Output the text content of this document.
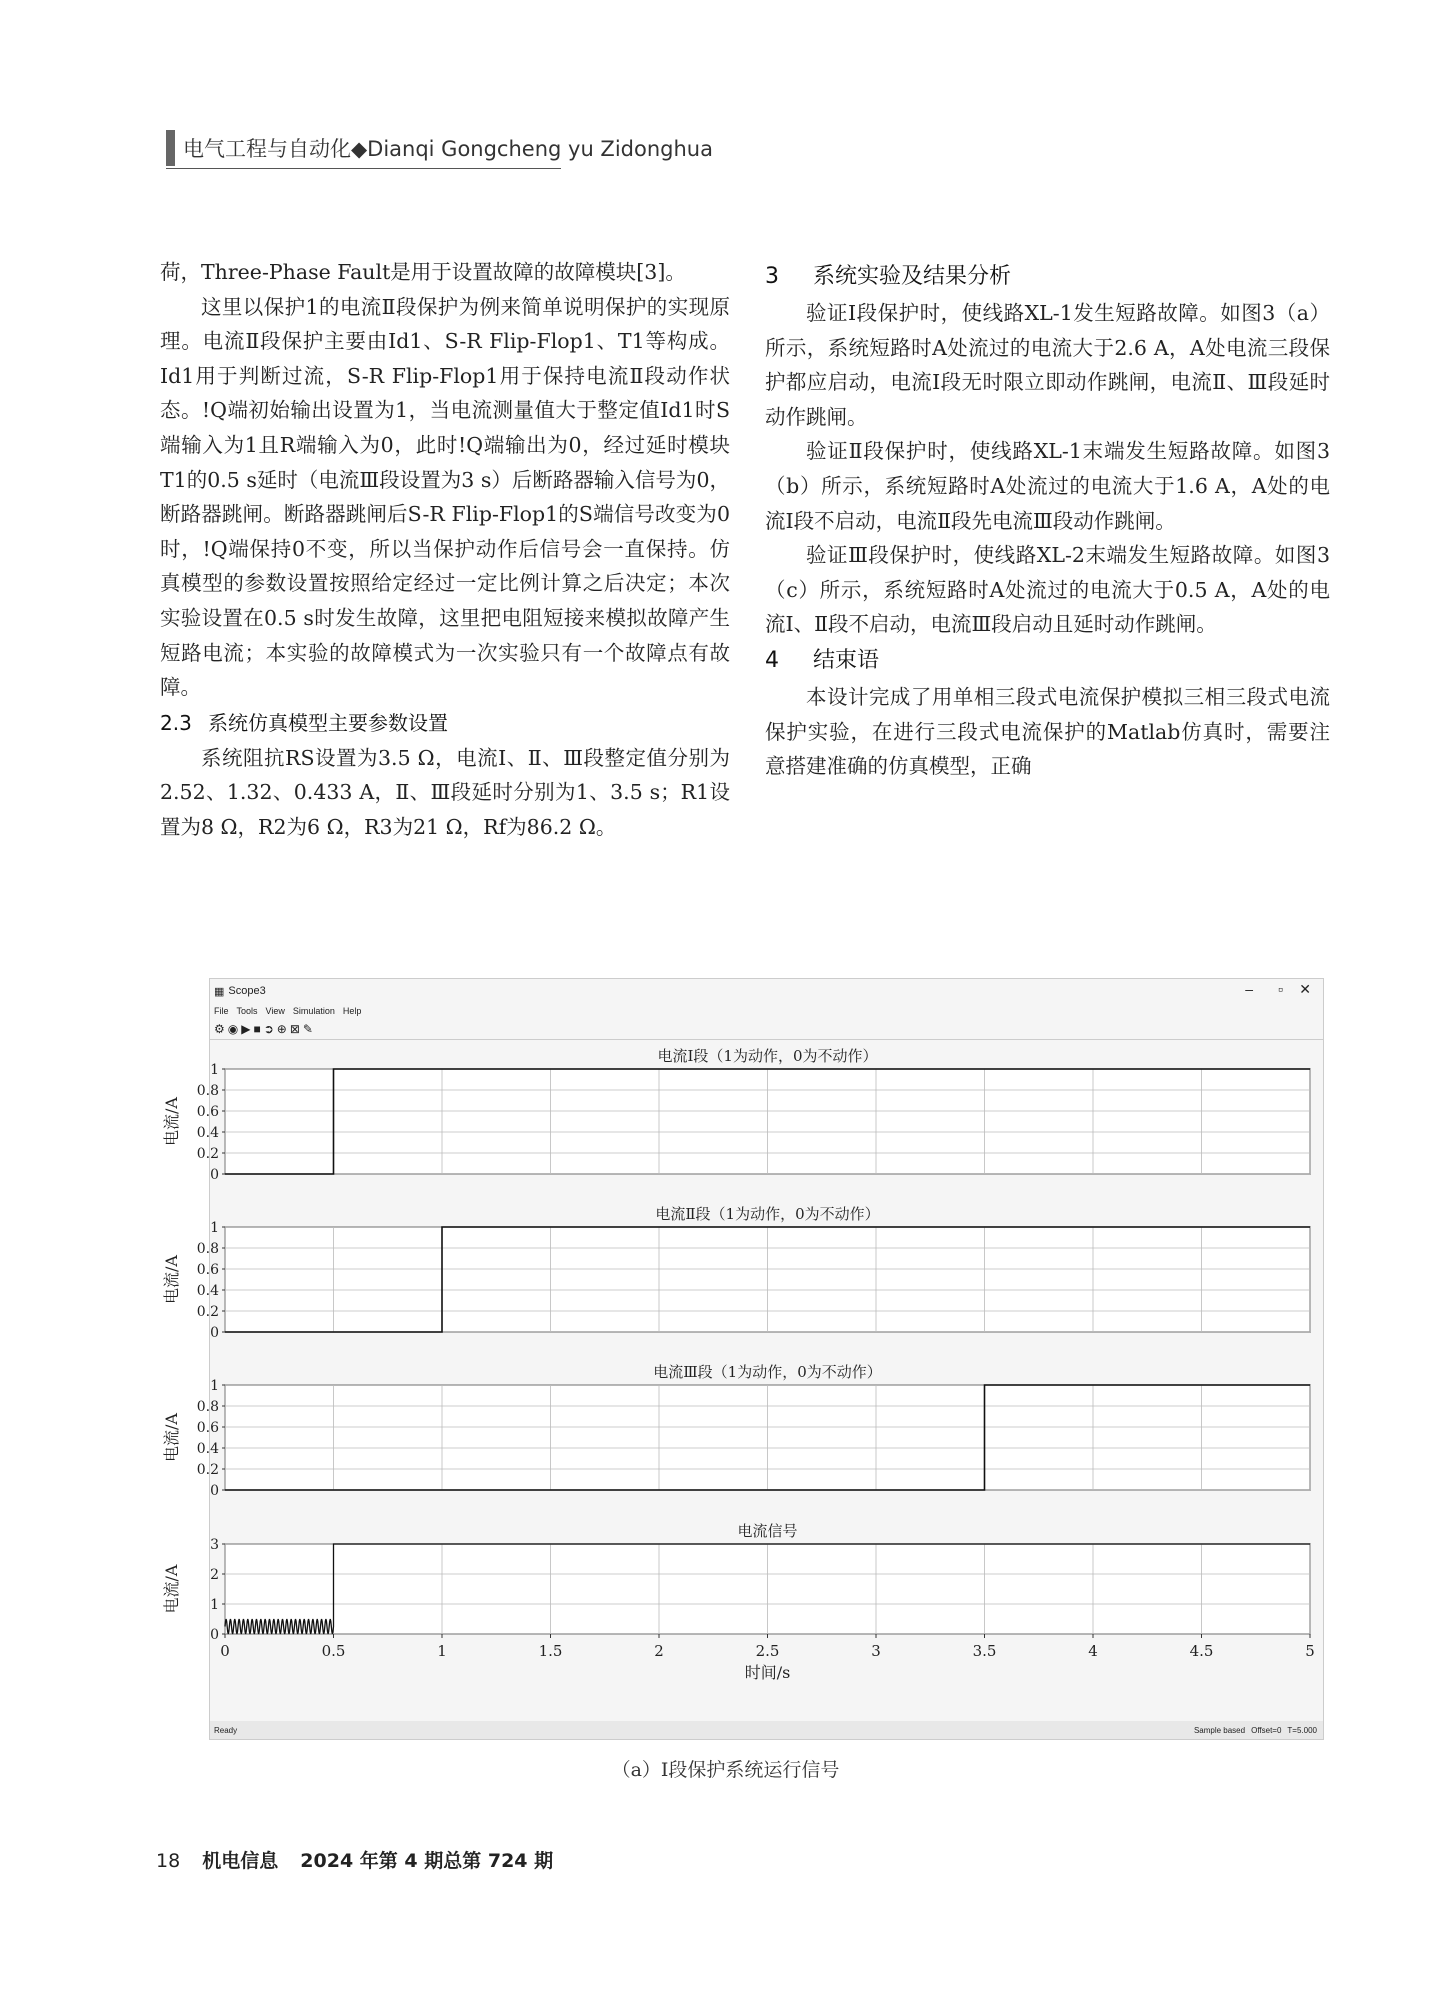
电气工程与自动化◆Dianqi Gongcheng yu Zidonghua

荷，Three-Phase Fault是用于设置故障的故障模块[3]。

这里以保护1的电流Ⅱ段保护为例来简单说明保护的实现原理。电流Ⅱ段保护主要由Id1、S-R Flip-Flop1、T1等构成。Id1用于判断过流，S-R Flip-Flop1用于保持电流Ⅱ段动作状态。!Q端初始输出设置为1，当电流测量值大于整定值Id1时S端输入为1且R端输入为0，此时!Q端输出为0，经过延时模块T1的0.5 s延时（电流Ⅲ段设置为3 s）后断路器输入信号为0，断路器跳闸。断路器跳闸后S-R Flip-Flop1的S端信号改变为0时，!Q端保持0不变，所以当保护动作后信号会一直保持。仿真模型的参数设置按照给定经过一定比例计算之后决定；本次实验设置在0.5 s时发生故障，这里把电阻短接来模拟故障产生短路电流；本实验的故障模式为一次实验只有一个故障点有故障。

2.3 系统仿真模型主要参数设置

系统阻抗RS设置为3.5 Ω，电流Ⅰ、Ⅱ、Ⅲ段整定值分别为2.52、1.32、0.433 A，Ⅱ、Ⅲ段延时分别为1、3.5 s；R1设置为8 Ω，R2为6 Ω，R3为21 Ω，Rf为86.2 Ω。

3 系统实验及结果分析

验证Ⅰ段保护时，使线路XL-1发生短路故障。如图3（a）所示，系统短路时A处流过的电流大于2.6 A，A处电流三段保护都应启动，电流Ⅰ段无时限立即动作跳闸，电流Ⅱ、Ⅲ段延时动作跳闸。

验证Ⅱ段保护时，使线路XL-1末端发生短路故障。如图3（b）所示，系统短路时A处流过的电流大于1.6 A，A处的电流Ⅰ段不启动，电流Ⅱ段先电流Ⅲ段动作跳闸。

验证Ⅲ段保护时，使线路XL-2末端发生短路故障。如图3（c）所示，系统短路时A处流过的电流大于0.5 A，A处的电流Ⅰ、Ⅱ段不启动，电流Ⅲ段启动且延时动作跳闸。

4 结束语

本设计完成了用单相三段式电流保护模拟三相三段式电流保护实验，在进行三段式电流保护的Matlab仿真时，需要注意搭建准确的仿真模型，正确

▦ Scope3	– ▫ ✕
File Tools View Simulation Help
⚙ ◉ ▶ ■ ➲ ⊕ ⊠ ✎
0
0.2
0.4
0.6
0.8
1
电流/A
电流Ⅰ段（1为动作，0为不动作）
0
0.2
0.4
0.6
0.8
1
电流/A
电流Ⅱ段（1为动作，0为不动作）
0
0.2
0.4
0.6
0.8
1
电流/A
电流Ⅲ段（1为动作，0为不动作）
0
1
2
3
电流/A
电流信号
0	0.5	1	1.5	2	2.5	3	3.5	4	4.5	5
时间/s
Ready	Sample based Offset=0 T=5.000
（a）Ⅰ段保护系统运行信号
18 机电信息 2024 年第 4 期总第 724 期
